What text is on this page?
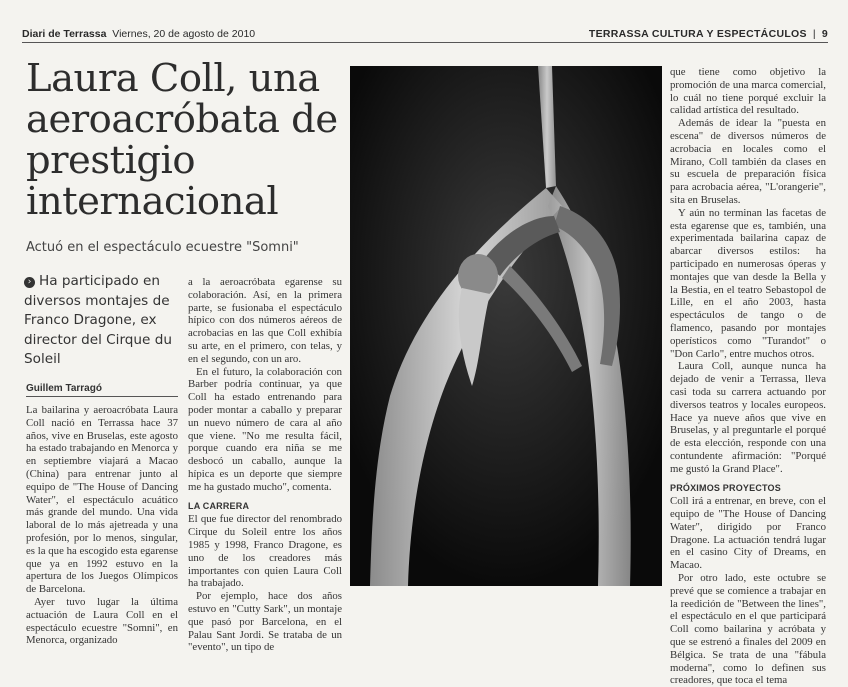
Diari de Terrassa Viernes, 20 de agosto de 2010	TERRASSA CULTURA Y ESPECTÁCULOS | 9
Laura Coll, una aeroacróbata de prestigio internacional
Actuó en el espectáculo ecuestre "Somni"
› Ha participado en diversos montajes de Franco Dragone, ex director del Cirque du Soleil
Guillem Tarragó

La bailarina y aeroacróbata Laura Coll nació en Terrassa hace 37 años, vive en Bruselas, este agosto ha estado trabajando en Menorca y en septiembre viajará a Macao (China) para entrenar junto al equipo de "The House of Dancing Water", el espectáculo acuático más grande del mundo. Una vida laboral de lo más ajetreada y una profesión, por lo menos, singular, es la que ha escogido esta egarense que ya en 1992 estuvo en la apertura de los Juegos Olímpicos de Barcelona.

Ayer tuvo lugar la última actuación de Laura Coll en el espectáculo ecuestre "Somni", en Menorca, organizado

a la aeroacróbata egarense su colaboración. Así, en la primera parte, se fusionaba el espectáculo hípico con dos números aéreos de acrobacias en las que Coll exhibía su arte, en el primero, con telas, y en el segundo, con un aro.

En el futuro, la colaboración con Barber podría continuar, ya que Coll ha estado entrenando para poder montar a caballo y preparar un nuevo número de cara al año que viene. "No me resulta fácil, porque cuando era niña se me desbocó un caballo, aunque la hípica es un deporte que siempre me ha gustado mucho", comenta.

LA CARRERA

El que fue director del renombrado Cirque du Soleil entre los años 1985 y 1998, Franco Dragone, es uno de los creadores más importantes con quien Laura Coll ha trabajado.

Por ejemplo, hace dos años estuvo en "Cutty Sark", un montaje que pasó por Barcelona, en el Palau Sant Jordi. Se trataba de un "evento", un tipo de

que tiene como objetivo la promoción de una marca comercial, lo cuál no tiene porqué excluir la calidad artística del resultado.

Además de idear la "puesta en escena" de diversos números de acrobacia en locales como el Mirano, Coll también da clases en su escuela de preparación física para acrobacia aérea, "L'orangerie", sita en Bruselas.

Y aún no terminan las facetas de esta egarense que es, también, una experimentada bailarina capaz de abarcar diversos estilos: ha participado en numerosas óperas y montajes que van desde la Bella y la Bestia, en el teatro Sebastopol de Lille, en el año 2003, hasta espectáculos de tango o de flamenco, pasando por montajes operísticos como "Turandot" o "Don Carlo", entre muchos otros.

Laura Coll, aunque nunca ha dejado de venir a Terrassa, lleva casi toda su carrera actuando por diversos teatros y locales europeos. Hace ya nueve años que vive en Bruselas, y al preguntarle el porqué de esta elección, responde con una contundente afirmación: "Porqué me gustó la Grand Place".

PRÓXIMOS PROYECTOS

Coll irá a entrenar, en breve, con el equipo de "The House of Dancing Water", dirigido por Franco Dragone. La actuación tendrá lugar en el casino City of Dreams, en Macao.

Por otro lado, este octubre se prevé que se comience a trabajar en la reedición de "Between the lines", el espectáculo en el que participará Coll como bailarina y acróbata y que se estrenó a finales del 2009 en Bélgica. Se trata de una "fábula moderna", como lo definen sus creadores, que toca el tema
